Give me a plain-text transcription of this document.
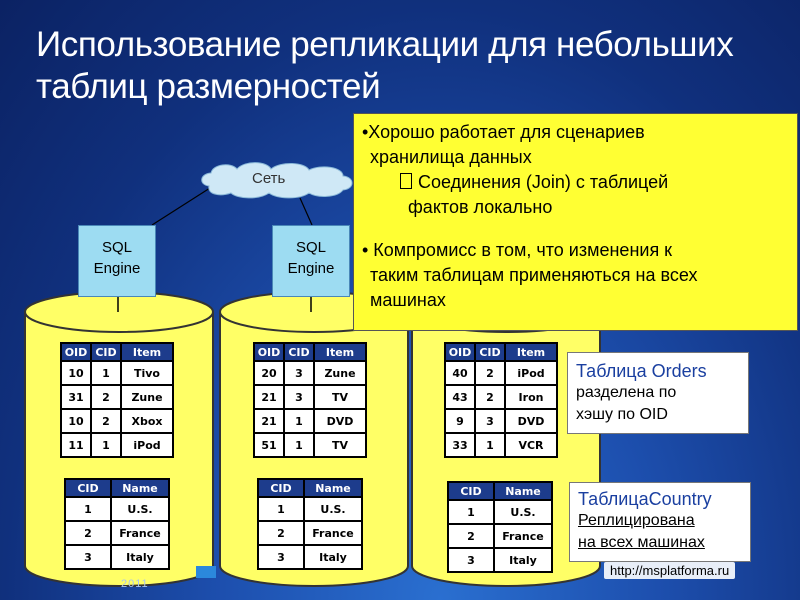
Использование репликации для небольших
таблиц размерностей
Сеть
SQL
Engine
SQL
Engine
OID	CID	Item
10	1	Tivo
31	2	Zune
10	2	Xbox
11	1	iPod
OID	CID	Item
20	3	Zune
21	3	TV
21	1	DVD
51	1	TV
OID	CID	Item
40	2	iPod
43	2	Iron
9	3	DVD
33	1	VCR
CID	Name
1	U.S.
2	France
3	Italy
CID	Name
1	U.S.
2	France
3	Italy
CID	Name
1	U.S.
2	France
3	Italy
•Хорошо работает для сценариев
хранилища данных
Соединения (Join) с таблицей
фактов локально
• Компромисс в том, что изменения к
таким таблицам применяються на всех
машинах
Таблица Orders
разделена по
хэшу по OID
ТаблицаCountry
Реплицирована
на всех машинах
2011
http://msplatforma.ru
